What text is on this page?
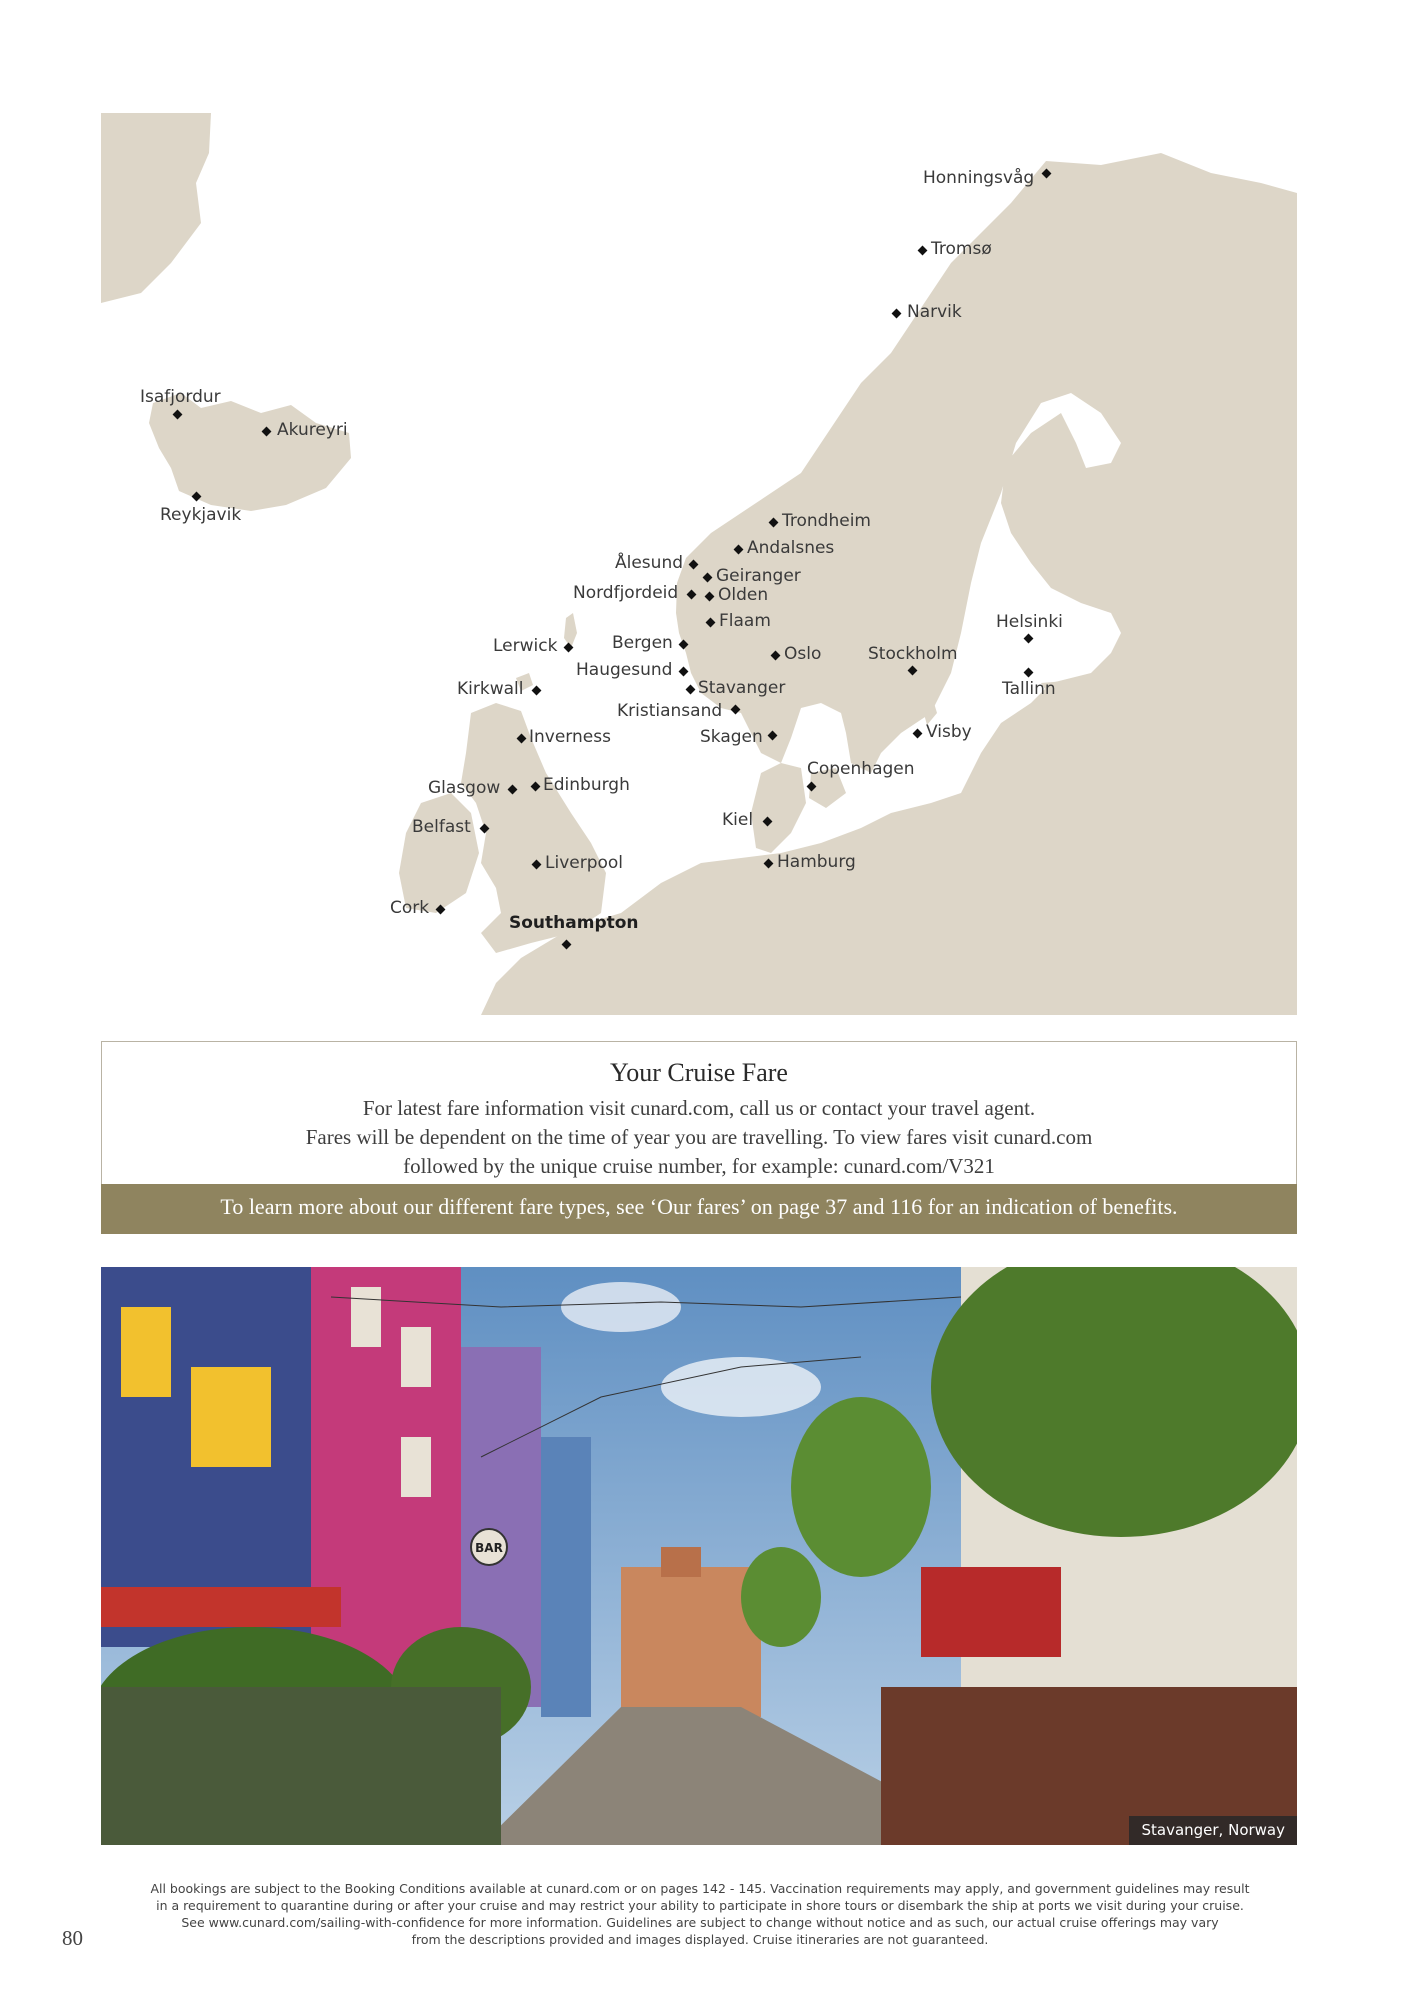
Honningsvåg
Tromsø
Narvik
Isafjordur
Akureyri
Reykjavik	Trondheim
Ålesund
Andalsnes
Geiranger
Nordfjordeid Olden
Flaam
Lerwick	Bergen
Oslo	Stockholm
Helsinki
Haugesund
Kirkwall	Stavanger	Tallinn
Kristiansand
Inverness	Skagen	Visby
Copenhagen
Glasgow	Edinburgh
Kiel
Belfast
Liverpool	Hamburg
Cork
Southampton
Your Cruise Fare
For latest fare information visit cunard.com, call us or contact your travel agent.
Fares will be dependent on the time of year you are travelling. To view fares visit cunard.com
followed by the unique cruise number, for example: cunard.com/V321
To learn more about our different fare types, see ‘Our fares’ on page 37 and 116 for an indication of benefits.
BAR
Stavanger, Norway
All bookings are subject to the Booking Conditions available at cunard.com or on pages 142 - 145. Vaccination requirements may apply, and government guidelines may result
in a requirement to quarantine during or after your cruise and may restrict your ability to participate in shore tours or disembark the ship at ports we visit during your cruise.
See www.cunard.com/sailing-with-confidence for more information. Guidelines are subject to change without notice and as such, our actual cruise offerings may vary
from the descriptions provided and images displayed. Cruise itineraries are not guaranteed.
80
